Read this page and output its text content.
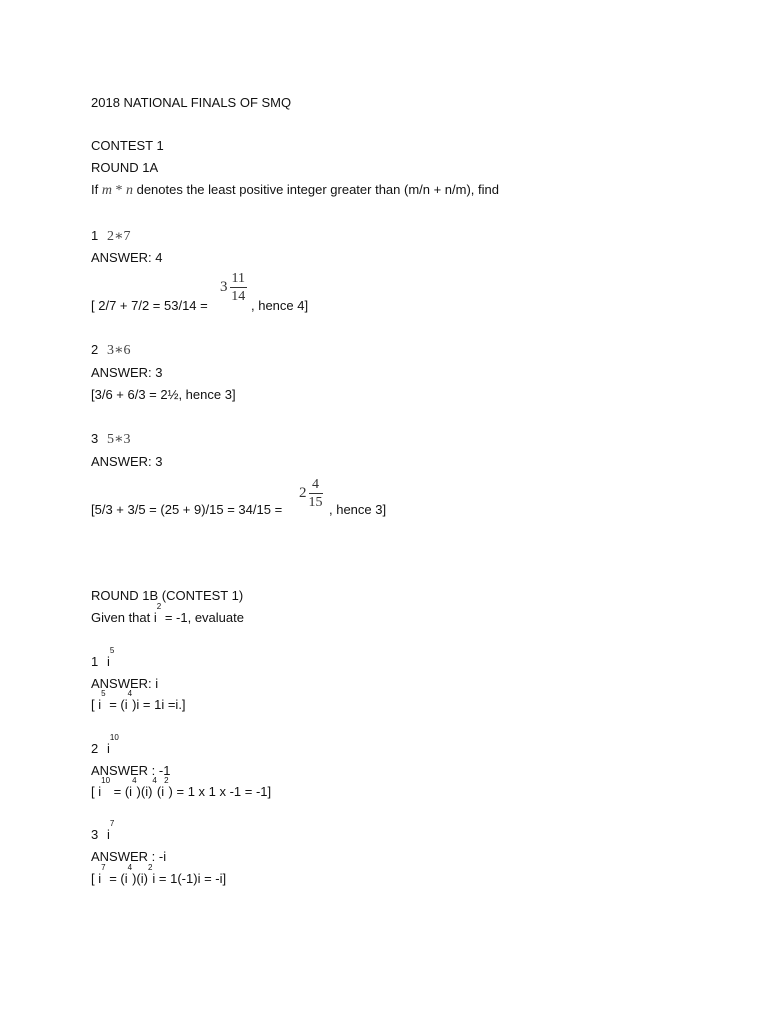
2018 NATIONAL FINALS OF SMQ
CONTEST 1
ROUND 1A
If m * n denotes the least positive integer greater than (m/n + n/m), find
1 2∗7
ANSWER: 4
[ 2/7 + 7/2 = 53/14 =
$3 \frac{11}{14}$
, hence 4]
2 3∗6
ANSWER: 3
[3/6 + 6/3 = 2½, hence 3]
3 5∗3
ANSWER: 3
[5/3 + 3/5 = (25 + 9)/15 = 34/15 =
$2 \frac{4}{15}$ , hence 3]
ROUND 1B (CONTEST 1)
Given that $i^2 = -1$, evaluate
1 $i^5$
ANSWER: i
[ $i^5 = (i^4)i = 1i =i$.]
2 $i^{10}$
ANSWER : -1
[ $i^{10} = (i^4)(i)^4(i^2) = 1$ x 1 x -1 = -1]
3 $i^7$
ANSWER : -i
[ $i^7 = (i^4)(i)^2i = 1(-1)i = -i$]
